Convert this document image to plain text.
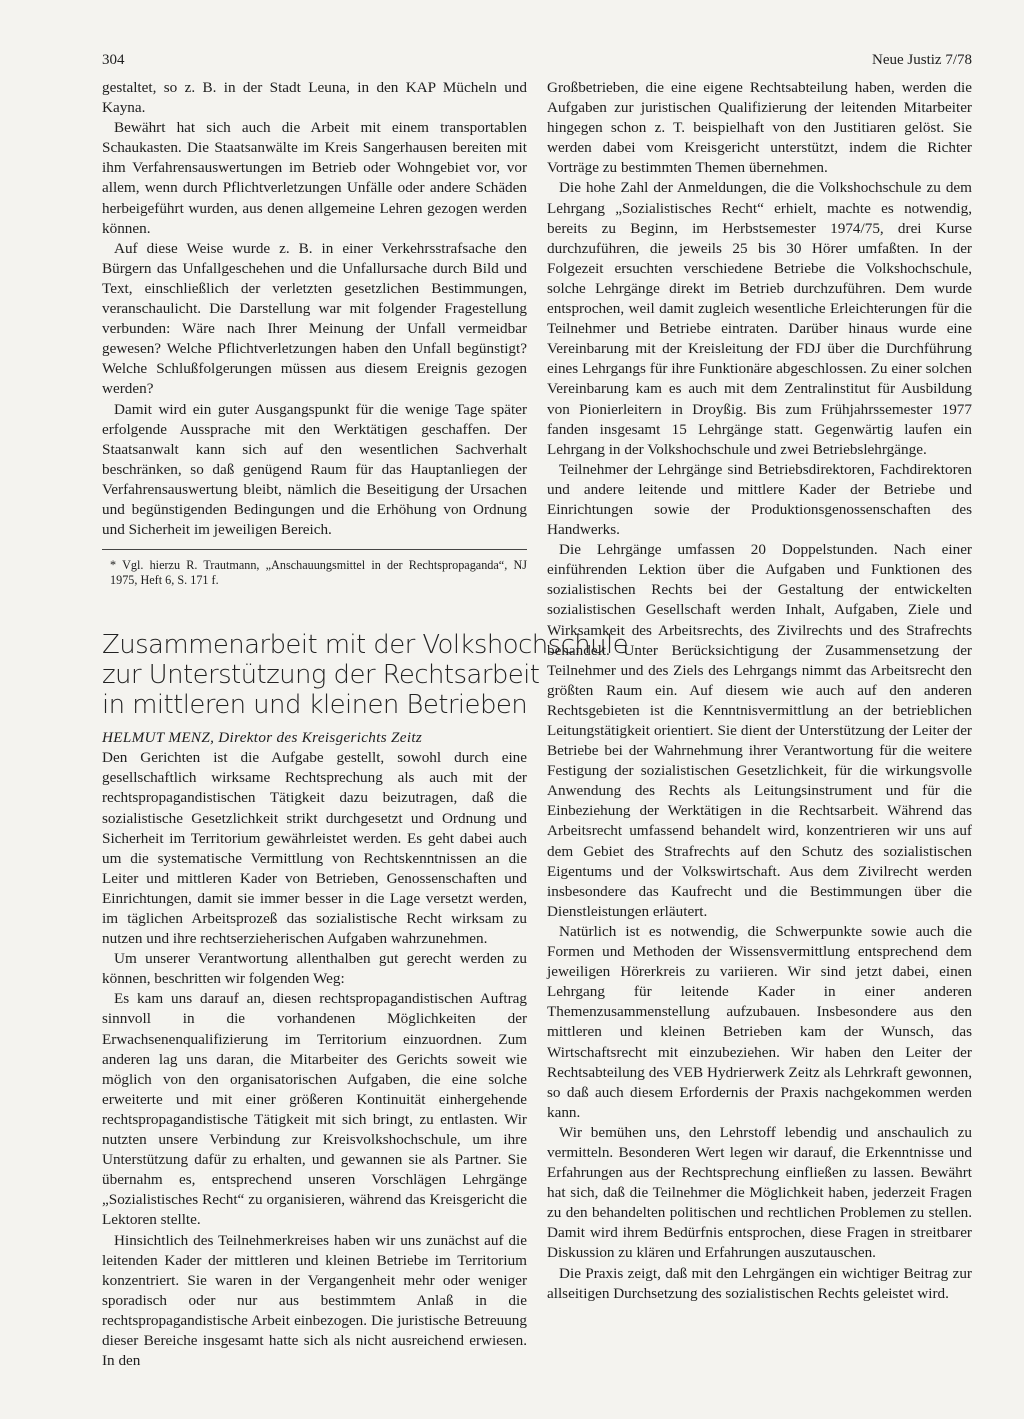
304	Neue Justiz 7/78

gestaltet, so z. B. in der Stadt Leuna, in den KAP Mücheln und Kayna.

Bewährt hat sich auch die Arbeit mit einem transportablen Schaukasten. Die Staatsanwälte im Kreis Sangerhausen bereiten mit ihm Verfahrensauswertungen im Betrieb oder Wohngebiet vor, vor allem, wenn durch Pflichtverletzungen Unfälle oder andere Schäden herbeigeführt wurden, aus denen allgemeine Lehren gezogen werden können.

Auf diese Weise wurde z. B. in einer Verkehrsstrafsache den Bürgern das Unfallgeschehen und die Unfallursache durch Bild und Text, einschließlich der verletzten gesetzlichen Bestimmungen, veranschaulicht. Die Darstellung war mit folgender Fragestellung verbunden: Wäre nach Ihrer Meinung der Unfall vermeidbar gewesen? Welche Pflichtverletzungen haben den Unfall begünstigt? Welche Schlußfolgerungen müssen aus diesem Ereignis gezogen werden?

Damit wird ein guter Ausgangspunkt für die wenige Tage später erfolgende Aussprache mit den Werktätigen geschaffen. Der Staatsanwalt kann sich auf den wesentlichen Sachverhalt beschränken, so daß genügend Raum für das Hauptanliegen der Verfahrensauswertung bleibt, nämlich die Beseitigung der Ursachen und begünstigenden Bedingungen und die Erhöhung von Ordnung und Sicherheit im jeweiligen Bereich.

* Vgl. hierzu R. Trautmann, „Anschauungsmittel in der Rechtspropaganda“, NJ 1975, Heft 6, S. 171 f.

Zusammenarbeit mit der Volkshochschule
zur Unterstützung der Rechtsarbeit
in mittleren und kleinen Betrieben

HELMUT MENZ, Direktor des Kreisgerichts Zeitz

Den Gerichten ist die Aufgabe gestellt, sowohl durch eine gesellschaftlich wirksame Rechtsprechung als auch mit der rechtspropagandistischen Tätigkeit dazu beizutragen, daß die sozialistische Gesetzlichkeit strikt durchgesetzt und Ordnung und Sicherheit im Territorium gewährleistet werden. Es geht dabei auch um die systematische Vermittlung von Rechtskenntnissen an die Leiter und mittleren Kader von Betrieben, Genossenschaften und Einrichtungen, damit sie immer besser in die Lage versetzt werden, im täglichen Arbeitsprozeß das sozialistische Recht wirksam zu nutzen und ihre rechtserzieherischen Aufgaben wahrzunehmen.

Um unserer Verantwortung allenthalben gut gerecht werden zu können, beschritten wir folgenden Weg:

Es kam uns darauf an, diesen rechtspropagandistischen Auftrag sinnvoll in die vorhandenen Möglichkeiten der Erwachsenenqualifizierung im Territorium einzuordnen. Zum anderen lag uns daran, die Mitarbeiter des Gerichts soweit wie möglich von den organisatorischen Aufgaben, die eine solche erweiterte und mit einer größeren Kontinuität einhergehende rechtspropagandistische Tätigkeit mit sich bringt, zu entlasten. Wir nutzten unsere Verbindung zur Kreisvolkshochschule, um ihre Unterstützung dafür zu erhalten, und gewannen sie als Partner. Sie übernahm es, entsprechend unseren Vorschlägen Lehrgänge „Sozialistisches Recht“ zu organisieren, während das Kreisgericht die Lektoren stellte.

Hinsichtlich des Teilnehmerkreises haben wir uns zunächst auf die leitenden Kader der mittleren und kleinen Betriebe im Territorium konzentriert. Sie waren in der Vergangenheit mehr oder weniger sporadisch oder nur aus bestimmtem Anlaß in die rechtspropagandistische Arbeit einbezogen. Die juristische Betreuung dieser Bereiche insgesamt hatte sich als nicht ausreichend erwiesen. In den

Großbetrieben, die eine eigene Rechtsabteilung haben, werden die Aufgaben zur juristischen Qualifizierung der leitenden Mitarbeiter hingegen schon z. T. beispielhaft von den Justitiaren gelöst. Sie werden dabei vom Kreisgericht unterstützt, indem die Richter Vorträge zu bestimmten Themen übernehmen.

Die hohe Zahl der Anmeldungen, die die Volkshochschule zu dem Lehrgang „Sozialistisches Recht“ erhielt, machte es notwendig, bereits zu Beginn, im Herbstsemester 1974/75, drei Kurse durchzuführen, die jeweils 25 bis 30 Hörer umfaßten. In der Folgezeit ersuchten verschiedene Betriebe die Volkshochschule, solche Lehrgänge direkt im Betrieb durchzuführen. Dem wurde entsprochen, weil damit zugleich wesentliche Erleichterungen für die Teilnehmer und Betriebe eintraten. Darüber hinaus wurde eine Vereinbarung mit der Kreisleitung der FDJ über die Durchführung eines Lehrgangs für ihre Funktionäre abgeschlossen. Zu einer solchen Vereinbarung kam es auch mit dem Zentralinstitut für Ausbildung von Pionierleitern in Droyßig. Bis zum Frühjahrssemester 1977 fanden insgesamt 15 Lehrgänge statt. Gegenwärtig laufen ein Lehrgang in der Volkshochschule und zwei Betriebslehrgänge.

Teilnehmer der Lehrgänge sind Betriebsdirektoren, Fachdirektoren und andere leitende und mittlere Kader der Betriebe und Einrichtungen sowie der Produktionsgenossenschaften des Handwerks.

Die Lehrgänge umfassen 20 Doppelstunden. Nach einer einführenden Lektion über die Aufgaben und Funktionen des sozialistischen Rechts bei der Gestaltung der entwickelten sozialistischen Gesellschaft werden Inhalt, Aufgaben, Ziele und Wirksamkeit des Arbeitsrechts, des Zivilrechts und des Strafrechts behandelt. Unter Berücksichtigung der Zusammensetzung der Teilnehmer und des Ziels des Lehrgangs nimmt das Arbeitsrecht den größten Raum ein. Auf diesem wie auch auf den anderen Rechtsgebieten ist die Kenntnisvermittlung an der betrieblichen Leitungstätigkeit orientiert. Sie dient der Unterstützung der Leiter der Betriebe bei der Wahrnehmung ihrer Verantwortung für die weitere Festigung der sozialistischen Gesetzlichkeit, für die wirkungsvolle Anwendung des Rechts als Leitungsinstrument und für die Einbeziehung der Werktätigen in die Rechtsarbeit. Während das Arbeitsrecht umfassend behandelt wird, konzentrieren wir uns auf dem Gebiet des Strafrechts auf den Schutz des sozialistischen Eigentums und der Volkswirtschaft. Aus dem Zivilrecht werden insbesondere das Kaufrecht und die Bestimmungen über die Dienstleistungen erläutert.

Natürlich ist es notwendig, die Schwerpunkte sowie auch die Formen und Methoden der Wissensvermittlung entsprechend dem jeweiligen Hörerkreis zu variieren. Wir sind jetzt dabei, einen Lehrgang für leitende Kader in einer anderen Themenzusammenstellung aufzubauen. Insbesondere aus den mittleren und kleinen Betrieben kam der Wunsch, das Wirtschaftsrecht mit einzubeziehen. Wir haben den Leiter der Rechtsabteilung des VEB Hydrierwerk Zeitz als Lehrkraft gewonnen, so daß auch diesem Erfordernis der Praxis nachgekommen werden kann.

Wir bemühen uns, den Lehrstoff lebendig und anschaulich zu vermitteln. Besonderen Wert legen wir darauf, die Erkenntnisse und Erfahrungen aus der Rechtsprechung einfließen zu lassen. Bewährt hat sich, daß die Teilnehmer die Möglichkeit haben, jederzeit Fragen zu den behandelten politischen und rechtlichen Problemen zu stellen. Damit wird ihrem Bedürfnis entsprochen, diese Fragen in streitbarer Diskussion zu klären und Erfahrungen auszutauschen.

Die Praxis zeigt, daß mit den Lehrgängen ein wichtiger Beitrag zur allseitigen Durchsetzung des sozialistischen Rechts geleistet wird.
